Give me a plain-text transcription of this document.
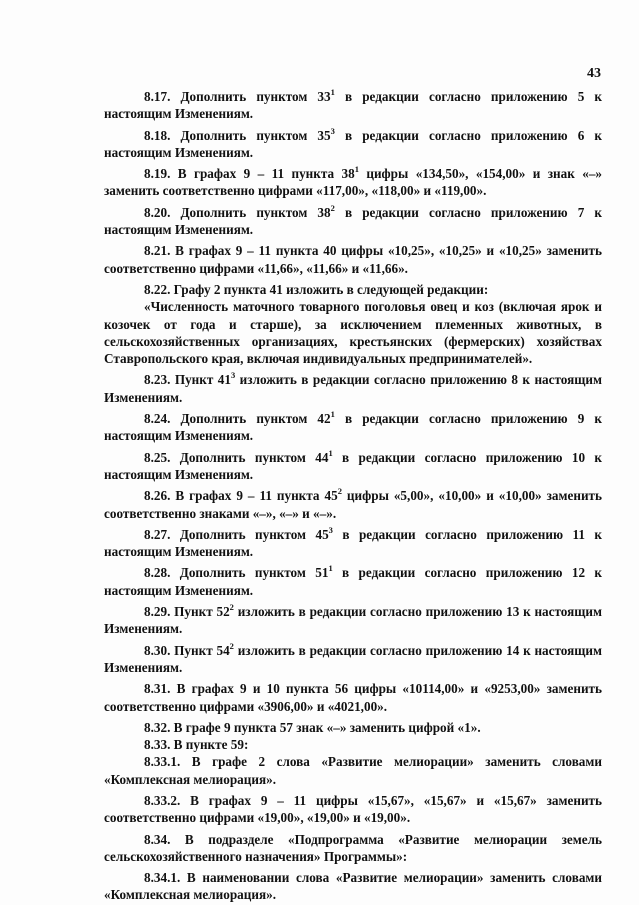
43

8.17. Дополнить пунктом $33^1$ в редакции согласно приложению 5 к настоящим Изменениям.

8.18. Дополнить пунктом $35^3$ в редакции согласно приложению 6 к настоящим Изменениям.

8.19. В графах 9 – 11 пункта $38^1$ цифры «134,50», «154,00» и знак «–» заменить соответственно цифрами «117,00», «118,00» и «119,00».

8.20. Дополнить пунктом $38^2$ в редакции согласно приложению 7 к настоящим Изменениям.

8.21. В графах 9 – 11 пункта 40 цифры «10,25», «10,25» и «10,25» заменить соответственно цифрами «11,66», «11,66» и «11,66».

8.22. Графу 2 пункта 41 изложить в следующей редакции:

«Численность маточного товарного поголовья овец и коз (включая ярок и козочек от года и старше), за исключением племенных животных, в сельскохозяйственных организациях, крестьянских (фермерских) хозяйствах Ставропольского края, включая индивидуальных предпринимателей».

8.23. Пункт $41^3$ изложить в редакции согласно приложению 8 к настоящим Изменениям.

8.24. Дополнить пунктом $42^1$ в редакции согласно приложению 9 к настоящим Изменениям.

8.25. Дополнить пунктом $44^1$ в редакции согласно приложению 10 к настоящим Изменениям.

8.26. В графах 9 – 11 пункта $45^2$ цифры «5,00», «10,00» и «10,00» заменить соответственно знаками «–», «–» и «–».

8.27. Дополнить пунктом $45^3$ в редакции согласно приложению 11 к настоящим Изменениям.

8.28. Дополнить пунктом $51^1$ в редакции согласно приложению 12 к настоящим Изменениям.

8.29. Пункт $52^2$ изложить в редакции согласно приложению 13 к настоящим Изменениям.

8.30. Пункт $54^2$ изложить в редакции согласно приложению 14 к настоящим Изменениям.

8.31. В графах 9 и 10 пункта 56 цифры «10114,00» и «9253,00» заменить соответственно цифрами «3906,00» и «4021,00».

8.32. В графе 9 пункта 57 знак «–» заменить цифрой «1».

8.33. В пункте 59:

8.33.1. В графе 2 слова «Развитие мелиорации» заменить словами «Комплексная мелиорация».

8.33.2. В графах 9 – 11 цифры «15,67», «15,67» и «15,67» заменить соответственно цифрами «19,00», «19,00» и «19,00».

8.34. В подразделе «Подпрограмма «Развитие мелиорации земель сельскохозяйственного назначения» Программы»:

8.34.1. В наименовании слова «Развитие мелиорации» заменить словами «Комплексная мелиорация».
